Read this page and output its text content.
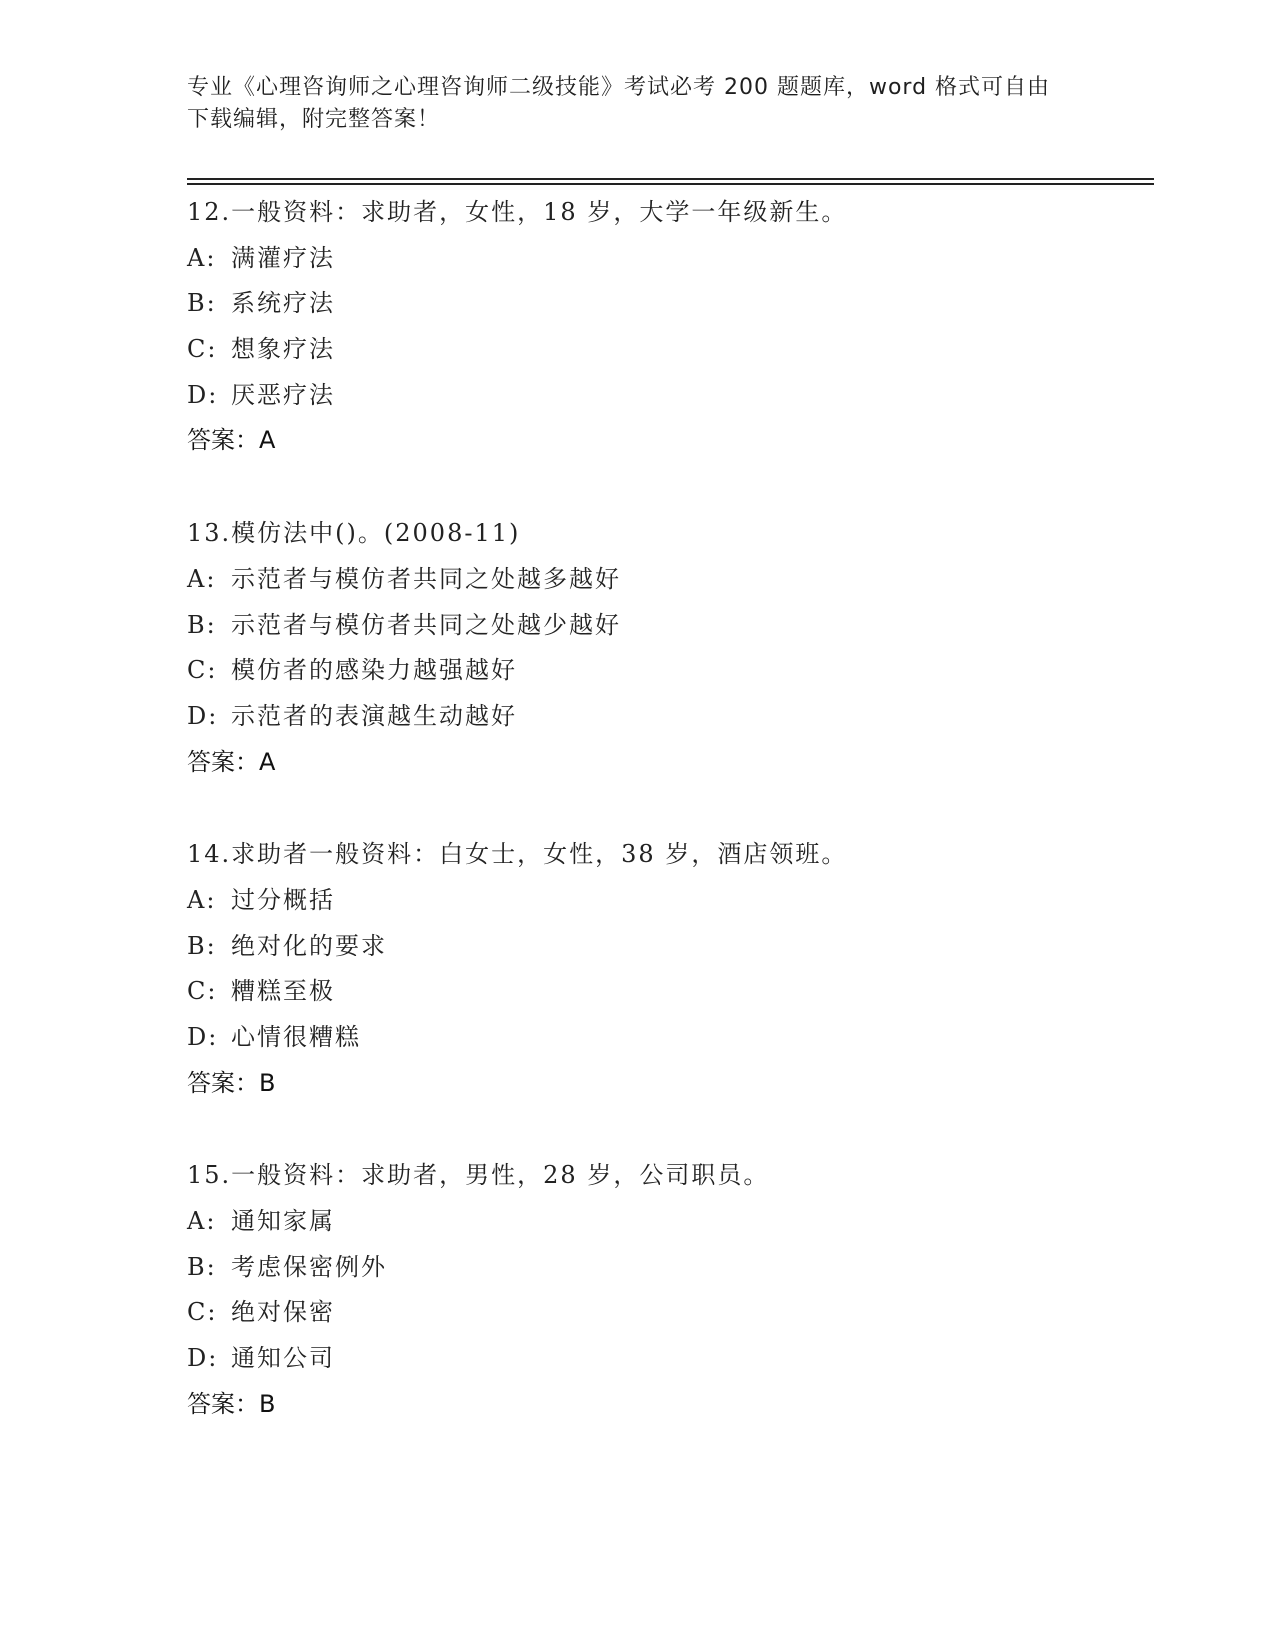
专业《心理咨询师之心理咨询师二级技能》考试必考 200 题题库，word 格式可自由下载编辑，附完整答案！
12.一般资料：求助者，女性，18 岁，大学一年级新生。
A: 满灌疗法
B: 系统疗法
C: 想象疗法
D: 厌恶疗法
答案：A
13.模仿法中()。(2008-11)
A: 示范者与模仿者共同之处越多越好
B: 示范者与模仿者共同之处越少越好
C: 模仿者的感染力越强越好
D: 示范者的表演越生动越好
答案：A
14.求助者一般资料：白女士，女性，38 岁，酒店领班。
A: 过分概括
B: 绝对化的要求
C: 糟糕至极
D: 心情很糟糕
答案：B
15.一般资料：求助者，男性，28 岁，公司职员。
A: 通知家属
B: 考虑保密例外
C: 绝对保密
D: 通知公司
答案：B
